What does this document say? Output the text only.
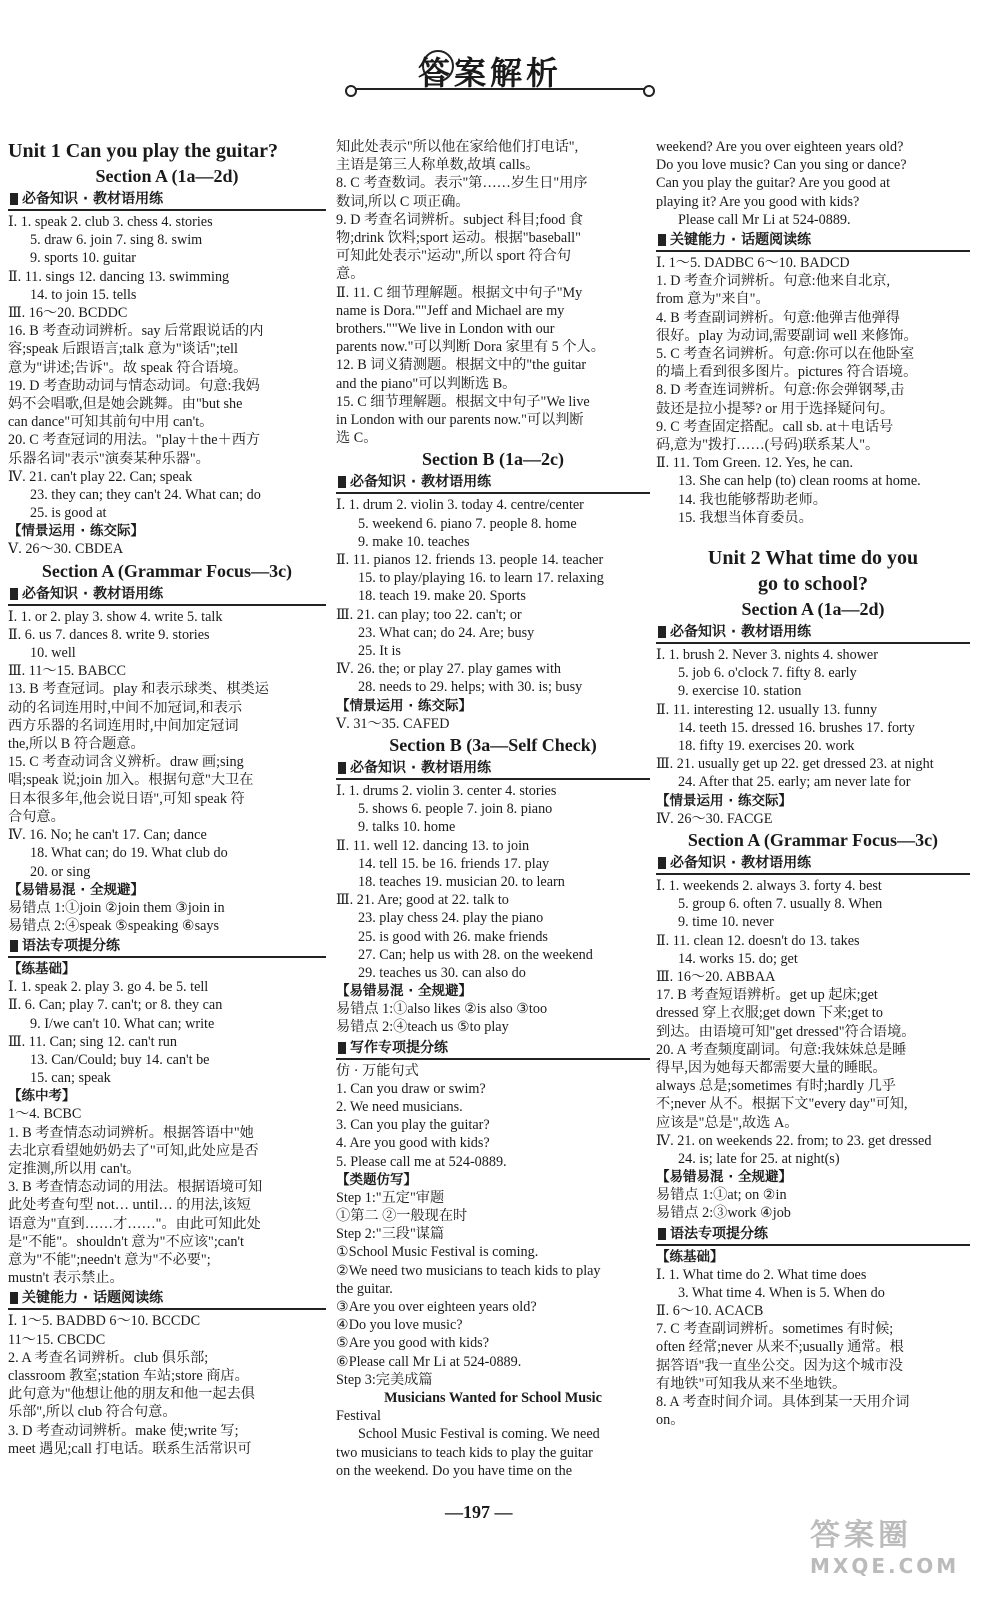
答案解析
Unit 1 Can you play the guitar?
Section A (1a—2d)
必备知识 · 教材语用练
Ⅰ. 1. speak 2. club 3. chess 4. stories
5. draw 6. join 7. sing 8. swim
9. sports 10. guitar
Ⅱ. 11. sings 12. dancing 13. swimming
14. to join 15. tells
Ⅲ. 16～20. BCDDC
16. B 考查动词辨析。say 后常跟说话的内
容;speak 后跟语言;talk 意为"谈话";tell
意为"讲述;告诉"。故 speak 符合语境。
19. D 考查助动词与情态动词。句意:我妈
妈不会唱歌,但是她会跳舞。由"but she
can dance"可知其前句中用 can't。
20. C 考查冠词的用法。"play＋the＋西方
乐器名词"表示"演奏某种乐器"。
Ⅳ. 21. can't play 22. Can; speak
23. they can; they can't 24. What can; do
25. is good at
【情景运用 · 练交际】
Ⅴ. 26～30. CBDEA
Section A (Grammar Focus—3c)
必备知识 · 教材语用练
Ⅰ. 1. or 2. play 3. show 4. write 5. talk
Ⅱ. 6. us 7. dances 8. write 9. stories
10. well
Ⅲ. 11～15. BABCC
13. B 考查冠词。play 和表示球类、棋类运
动的名词连用时,中间不加冠词,和表示
西方乐器的名词连用时,中间加定冠词
the,所以 B 符合题意。
15. C 考查动词含义辨析。draw 画;sing
唱;speak 说;join 加入。根据句意"大卫在
日本很多年,他会说日语",可知 speak 符
合句意。
Ⅳ. 16. No; he can't 17. Can; dance
18. What can; do 19. What club do
20. or sing
【易错易混 · 全规避】
易错点 1:①join ②join them ③join in
易错点 2:④speak ⑤speaking ⑥says
语法专项提分练
【练基础】
Ⅰ. 1. speak 2. play 3. go 4. be 5. tell
Ⅱ. 6. Can; play 7. can't; or 8. they can
9. I/we can't 10. What can; write
Ⅲ. 11. Can; sing 12. can't run
13. Can/Could; buy 14. can't be
15. can; speak
【练中考】
1～4. BCBC
1. B 考查情态动词辨析。根据答语中"她
去北京看望她奶奶去了"可知,此处应是否
定推测,所以用 can't。
3. B 考查情态动词的用法。根据语境可知
此处考查句型 not… until… 的用法,该短
语意为"直到……才……"。由此可知此处
是"不能"。shouldn't 意为"不应该";can't
意为"不能";needn't 意为"不必要";
mustn't 表示禁止。
关键能力 · 话题阅读练
Ⅰ. 1～5. BADBD 6～10. BCCDC
11～15. CBCDC
2. A 考查名词辨析。club 俱乐部;
classroom 教室;station 车站;store 商店。
此句意为"他想让他的朋友和他一起去俱
乐部",所以 club 符合句意。
3. D 考查动词辨析。make 使;write 写;
meet 遇见;call 打电话。联系生活常识可
知此处表示"所以他在家给他们打电话",
主语是第三人称单数,故填 calls。
8. C 考查数词。表示"第……岁生日"用序
数词,所以 C 项正确。
9. D 考查名词辨析。subject 科目;food 食
物;drink 饮料;sport 运动。根据"baseball"
可知此处表示"运动",所以 sport 符合句
意。
Ⅱ. 11. C 细节理解题。根据文中句子"My
name is Dora.""Jeff and Michael are my
brothers.""We live in London with our
parents now."可以判断 Dora 家里有 5 个人。
12. B 词义猜测题。根据文中的"the guitar
and the piano"可以判断选 B。
15. C 细节理解题。根据文中句子"We live
in London with our parents now."可以判断
选 C。
Section B (1a—2c)
必备知识 · 教材语用练
Ⅰ. 1. drum 2. violin 3. today 4. centre/center
5. weekend 6. piano 7. people 8. home
9. make 10. teaches
Ⅱ. 11. pianos 12. friends 13. people 14. teacher
15. to play/playing 16. to learn 17. relaxing
18. teach 19. make 20. Sports
Ⅲ. 21. can play; too 22. can't; or
23. What can; do 24. Are; busy
25. It is
Ⅳ. 26. the; or play 27. play games with
28. needs to 29. helps; with 30. is; busy
【情景运用 · 练交际】
Ⅴ. 31～35. CAFED
Section B (3a—Self Check)
必备知识 · 教材语用练
Ⅰ. 1. drums 2. violin 3. center 4. stories
5. shows 6. people 7. join 8. piano
9. talks 10. home
Ⅱ. 11. well 12. dancing 13. to join
14. tell 15. be 16. friends 17. play
18. teaches 19. musician 20. to learn
Ⅲ. 21. Are; good at 22. talk to
23. play chess 24. play the piano
25. is good with 26. make friends
27. Can; help us with 28. on the weekend
29. teaches us 30. can also do
【易错易混 · 全规避】
易错点 1:①also likes ②is also ③too
易错点 2:④teach us ⑤to play
写作专项提分练
仿 · 万能句式
1. Can you draw or swim?
2. We need musicians.
3. Can you play the guitar?
4. Are you good with kids?
5. Please call me at 524-0889.
【类题仿写】
Step 1:"五定"审题
①第二 ②一般现在时
Step 2:"三段"谋篇
①School Music Festival is coming.
②We need two musicians to teach kids to play
the guitar.
③Are you over eighteen years old?
④Do you love music?
⑤Are you good with kids?
⑥Please call Mr Li at 524-0889.
Step 3:完美成篇
Musicians Wanted for School Music
Festival
School Music Festival is coming. We need
two musicians to teach kids to play the guitar
on the weekend. Do you have time on the
weekend? Are you over eighteen years old?
Do you love music? Can you sing or dance?
Can you play the guitar? Are you good at
playing it? Are you good with kids?
Please call Mr Li at 524-0889.
关键能力 · 话题阅读练
Ⅰ. 1～5. DADBC 6～10. BADCD
1. D 考查介词辨析。句意:他来自北京,
from 意为"来自"。
4. B 考查副词辨析。句意:他弹吉他弹得
很好。play 为动词,需要副词 well 来修饰。
5. C 考查名词辨析。句意:你可以在他卧室
的墙上看到很多图片。pictures 符合语境。
8. D 考查连词辨析。句意:你会弹钢琴,击
鼓还是拉小提琴? or 用于选择疑问句。
9. C 考查固定搭配。call sb. at＋电话号
码,意为"拨打……(号码)联系某人"。
Ⅱ. 11. Tom Green. 12. Yes, he can.
13. She can help (to) clean rooms at home.
14. 我也能够帮助老师。
15. 我想当体育委员。
Unit 2 What time do you
go to school?
Section A (1a—2d)
必备知识 · 教材语用练
Ⅰ. 1. brush 2. Never 3. nights 4. shower
5. job 6. o'clock 7. fifty 8. early
9. exercise 10. station
Ⅱ. 11. interesting 12. usually 13. funny
14. teeth 15. dressed 16. brushes 17. forty
18. fifty 19. exercises 20. work
Ⅲ. 21. usually get up 22. get dressed 23. at night
24. After that 25. early; am never late for
【情景运用 · 练交际】
Ⅳ. 26～30. FACGE
Section A (Grammar Focus—3c)
必备知识 · 教材语用练
Ⅰ. 1. weekends 2. always 3. forty 4. best
5. group 6. often 7. usually 8. When
9. time 10. never
Ⅱ. 11. clean 12. doesn't do 13. takes
14. works 15. do; get
Ⅲ. 16～20. ABBAA
17. B 考查短语辨析。get up 起床;get
dressed 穿上衣服;get down 下来;get to
到达。由语境可知"get dressed"符合语境。
20. A 考查频度副词。句意:我妹妹总是睡
得早,因为她每天都需要大量的睡眠。
always 总是;sometimes 有时;hardly 几乎
不;never 从不。根据下文"every day"可知,
应该是"总是",故选 A。
Ⅳ. 21. on weekends 22. from; to 23. get dressed
24. is; late for 25. at night(s)
【易错易混 · 全规避】
易错点 1:①at; on ②in
易错点 2:③work ④job
语法专项提分练
【练基础】
Ⅰ. 1. What time do 2. What time does
3. What time 4. When is 5. When do
Ⅱ. 6～10. ACACB
7. C 考查副词辨析。sometimes 有时候;
often 经常;never 从来不;usually 通常。根
据答语"我一直坐公交。因为这个城市没
有地铁"可知我从来不坐地铁。
8. A 考查时间介词。具体到某一天用介词
on。
—197 —
答案圈
MXQE.COM
